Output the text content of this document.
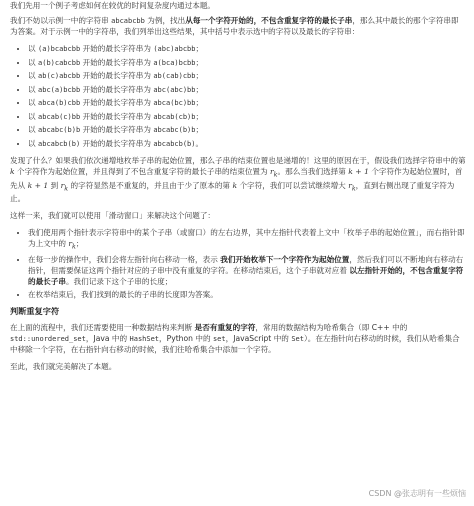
我们先用一个例子考虑如何在较优的时间复杂度内通过本题。

我们不妨以示例一中的字符串 abcabcbb 为例，找出从每一个字符开始的，不包含重复字符的最长子串，那么其中最长的那个字符串即为答案。对于示例一中的字符串，我们列举出这些结果，其中括号中表示选中的字符以及最长的字符串：

• 以 (a)bcabcbb 开始的最长字符串为 (abc)abcbb；
• 以 a(b)cabcbb 开始的最长字符串为 a(bca)bcbb；
• 以 ab(c)abcbb 开始的最长字符串为 ab(cab)cbb；
• 以 abc(a)bcbb 开始的最长字符串为 abc(abc)bb；
• 以 abca(b)cbb 开始的最长字符串为 abca(bc)bb；
• 以 abcab(c)bb 开始的最长字符串为 abcab(cb)b；
• 以 abcabc(b)b 开始的最长字符串为 abcabc(b)b；
• 以 abcabcb(b) 开始的最长字符串为 abcabcb(b)。

发现了什么？如果我们依次递增地枚举子串的起始位置，那么子串的结束位置也是递增的！这里的原因在于，假设我们选择字符串中的第 k 个字符作为起始位置，并且得到了不包含重复字符的最长子串的结束位置为 $r_k$。那么当我们选择第 k + 1 个字符作为起始位置时，首先从 k + 1 到 $r_k$ 的字符显然是不重复的，并且由于少了原本的第 k 个字符，我们可以尝试继续增大 $r_k$，直到右侧出现了重复字符为止。

这样一来，我们就可以使用「滑动窗口」来解决这个问题了：

• 我们使用两个指针表示字符串中的某个子串（或窗口）的左右边界，其中左指针代表着上文中「枚举子串的起始位置」，而右指针即为上文中的 $r_k$；
• 在每一步的操作中，我们会将左指针向右移动一格，表示 我们开始枚举下一个字符作为起始位置，然后我们可以不断地向右移动右指针，但需要保证这两个指针对应的子串中没有重复的字符。在移动结束后，这个子串就对应着 以左指针开始的，不包含重复字符的最长子串。我们记录下这个子串的长度；
• 在枚举结束后，我们找到的最长的子串的长度即为答案。
判断重复字符

在上面的流程中，我们还需要使用一种数据结构来判断 是否有重复的字符，常用的数据结构为哈希集合（即 C++ 中的 std::unordered_set，Java 中的 HashSet，Python 中的 set，JavaScript 中的 Set）。在左指针向右移动的时候，我们从哈希集合中移除一个字符，在右指针向右移动的时候，我们往哈希集合中添加一个字符。

至此，我们就完美解决了本题。

CSDN @张志明有一些烦恼
